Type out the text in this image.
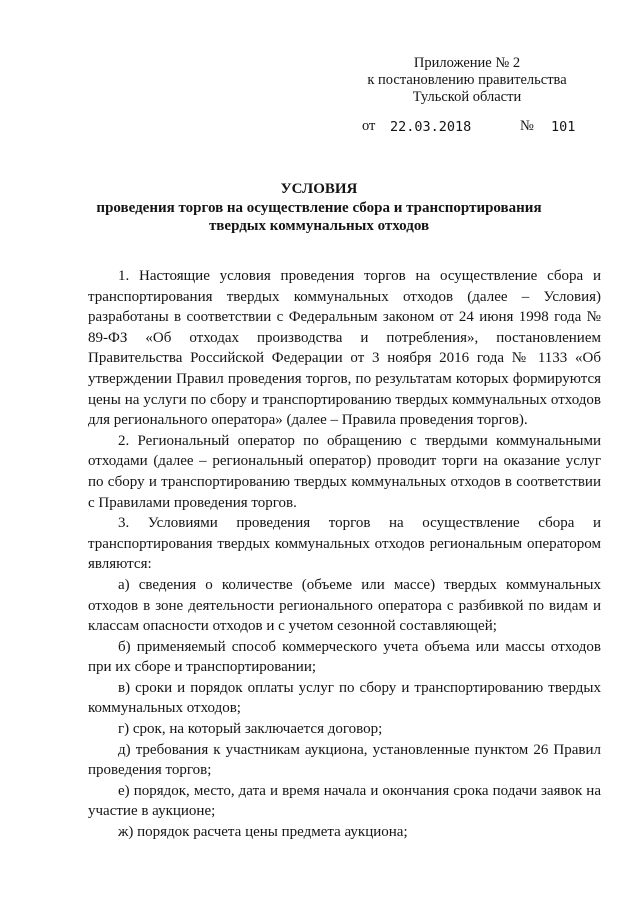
Приложение № 2
к постановлению правительства
Тульской области
от 22.03.2018	№ 101
УСЛОВИЯ
проведения торгов на осуществление сбора и транспортирования
твердых коммунальных отходов

1. Настоящие условия проведения торгов на осуществление сбора и транспортирования твердых коммунальных отходов (далее – Условия) разработаны в соответствии с Федеральным законом от 24 июня 1998 года № 89-ФЗ «Об отходах производства и потребления», постановлением Правительства Российской Федерации от 3 ноября 2016 года № 1133 «Об утверждении Правил проведения торгов, по результатам которых формируются цены на услуги по сбору и транспортированию твердых коммунальных отходов для регионального оператора» (далее – Правила проведения торгов).

2. Региональный оператор по обращению с твердыми коммунальными отходами (далее – региональный оператор) проводит торги на оказание услуг по сбору и транспортированию твердых коммунальных отходов в соответствии с Правилами проведения торгов.

3. Условиями проведения торгов на осуществление сбора и транспортирования твердых коммунальных отходов региональным оператором являются:

а) сведения о количестве (объеме или массе) твердых коммунальных отходов в зоне деятельности регионального оператора с разбивкой по видам и классам опасности отходов и с учетом сезонной составляющей;

б) применяемый способ коммерческого учета объема или массы отходов при их сборе и транспортировании;

в) сроки и порядок оплаты услуг по сбору и транспортированию твердых коммунальных отходов;

г) срок, на который заключается договор;

д) требования к участникам аукциона, установленные пунктом 26 Правил проведения торгов;

е) порядок, место, дата и время начала и окончания срока подачи заявок на участие в аукционе;

ж) порядок расчета цены предмета аукциона;
